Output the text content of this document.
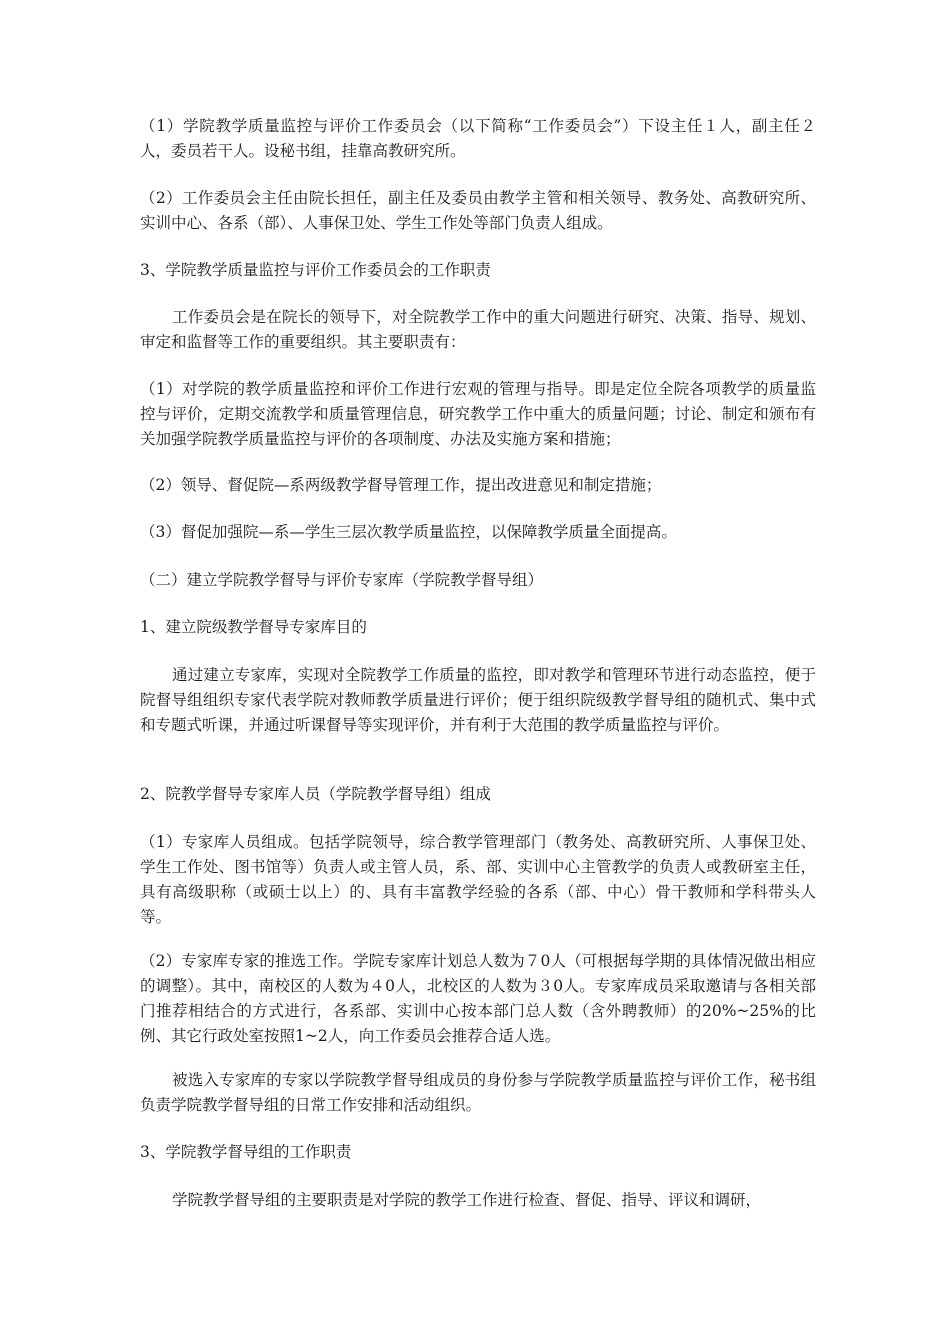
（1）学院教学质量监控与评价工作委员会（以下简称“工作委员会”）下设主任１人，副主任２人，委员若干人。设秘书组，挂靠高教研究所。

（2）工作委员会主任由院长担任，副主任及委员由教学主管和相关领导、教务处、高教研究所、实训中心、各系（部）、人事保卫处、学生工作处等部门负责人组成。

3、学院教学质量监控与评价工作委员会的工作职责

工作委员会是在院长的领导下，对全院教学工作中的重大问题进行研究、决策、指导、规划、审定和监督等工作的重要组织。其主要职责有：

（1）对学院的教学质量监控和评价工作进行宏观的管理与指导。即是定位全院各项教学的质量监控与评价，定期交流教学和质量管理信息，研究教学工作中重大的质量问题；讨论、制定和颁布有关加强学院教学质量监控与评价的各项制度、办法及实施方案和措施；

（2）领导、督促院—系两级教学督导管理工作，提出改进意见和制定措施；

（3）督促加强院—系—学生三层次教学质量监控，以保障教学质量全面提高。

（二）建立学院教学督导与评价专家库（学院教学督导组）

1、建立院级教学督导专家库目的

通过建立专家库，实现对全院教学工作质量的监控，即对教学和管理环节进行动态监控，便于院督导组组织专家代表学院对教师教学质量进行评价；便于组织院级教学督导组的随机式、集中式和专题式听课，并通过听课督导等实现评价，并有利于大范围的教学质量监控与评价。

2、院教学督导专家库人员（学院教学督导组）组成

（1）专家库人员组成。包括学院领导，综合教学管理部门（教务处、高教研究所、人事保卫处、学生工作处、图书馆等）负责人或主管人员，系、部、实训中心主管教学的负责人或教研室主任，具有高级职称（或硕士以上）的、具有丰富教学经验的各系（部、中心）骨干教师和学科带头人等。

（2）专家库专家的推选工作。学院专家库计划总人数为７0人（可根据每学期的具体情况做出相应的调整）。其中，南校区的人数为４0人，北校区的人数为３0人。专家库成员采取邀请与各相关部门推荐相结合的方式进行，各系部、实训中心按本部门总人数（含外聘教师）的20%~25%的比例、其它行政处室按照1~2人，向工作委员会推荐合适人选。

被选入专家库的专家以学院教学督导组成员的身份参与学院教学质量监控与评价工作，秘书组负责学院教学督导组的日常工作安排和活动组织。

3、学院教学督导组的工作职责

学院教学督导组的主要职责是对学院的教学工作进行检查、督促、指导、评议和调研，
